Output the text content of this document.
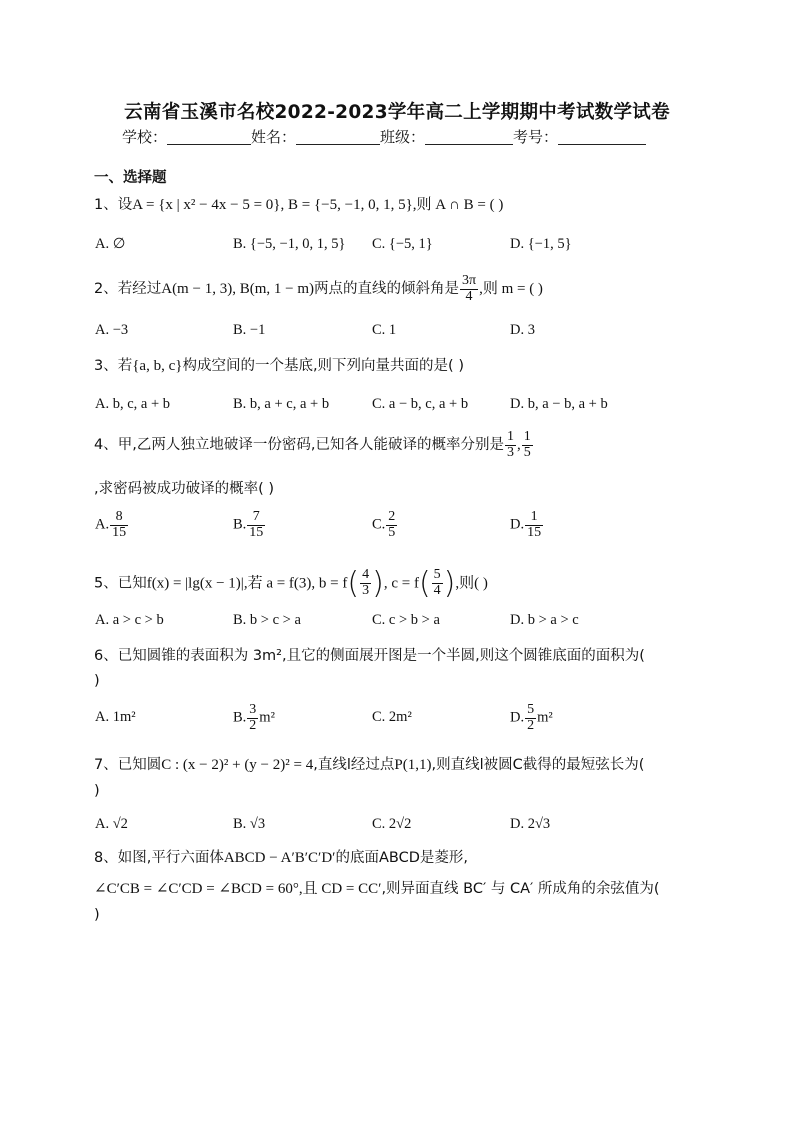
云南省玉溪市名校2022-2023学年高二上学期期中考试数学试卷
学校：	姓名：	班级：	考号：
一、选择题
1、设A = {x | x² − 4x − 5 = 0}, B = {−5, −1, 0, 1, 5},则 A ∩ B = ( )
A. ∅	B. {−5, −1, 0, 1, 5} C. {−5, 1}	D. {−1, 5}
2、若经过A(m − 1, 3), B(m, 1 − m)两点的直线的倾斜角是 $\frac{3\pi}{4}$ ,则 m = ( )
A. −3	B. −1	C. 1	D. 3
3、若{a, b, c}构成空间的一个基底,则下列向量共面的是( )
A. b, c, a + b	B. b, a + c, a + b	C. a − b, c, a + b	D. b, a − b, a + b
4、甲,乙两人独立地破译一份密码,已知各人能破译的概率分别是 $\frac{1}{3}$ , $\frac{1}{5}$
,求密码被成功破译的概率( )
A. $\frac{8}{15}$	B. $\frac{7}{15}$	C. $\frac{2}{5}$	D. $\frac{1}{15}$
5、已知f(x) = |lg(x − 1)|,若 a = f(3), $b = f( \frac{4}{3}$ ), $c = f( \frac{5}{4}$ ),则( )
A. a > c > b	B. b > c > a	C. c > b > a	D. b > a > c
6、已知圆锥的表面积为 3m²,且它的侧面展开图是一个半圆,则这个圆锥底面的面积为(
)
A. 1m²	B. $\frac{3}{2} m^2$	C. 2m²	D. $\frac{5}{2} m^2$
7、已知圆C : (x − 2)² + (y − 2)² = 4,直线l经过点P(1,1),则直线l被圆C截得的最短弦长为(
)
A. √2	B. √3	C. 2√2	D. 2√3
8、如图,平行六面体ABCD − A′B′C′D′的底面ABCD是菱形,
∠C′CB = ∠C′CD = ∠BCD = 60°,且 CD = CC′,则异面直线 BC′ 与 CA′ 所成角的余弦值为(
)
